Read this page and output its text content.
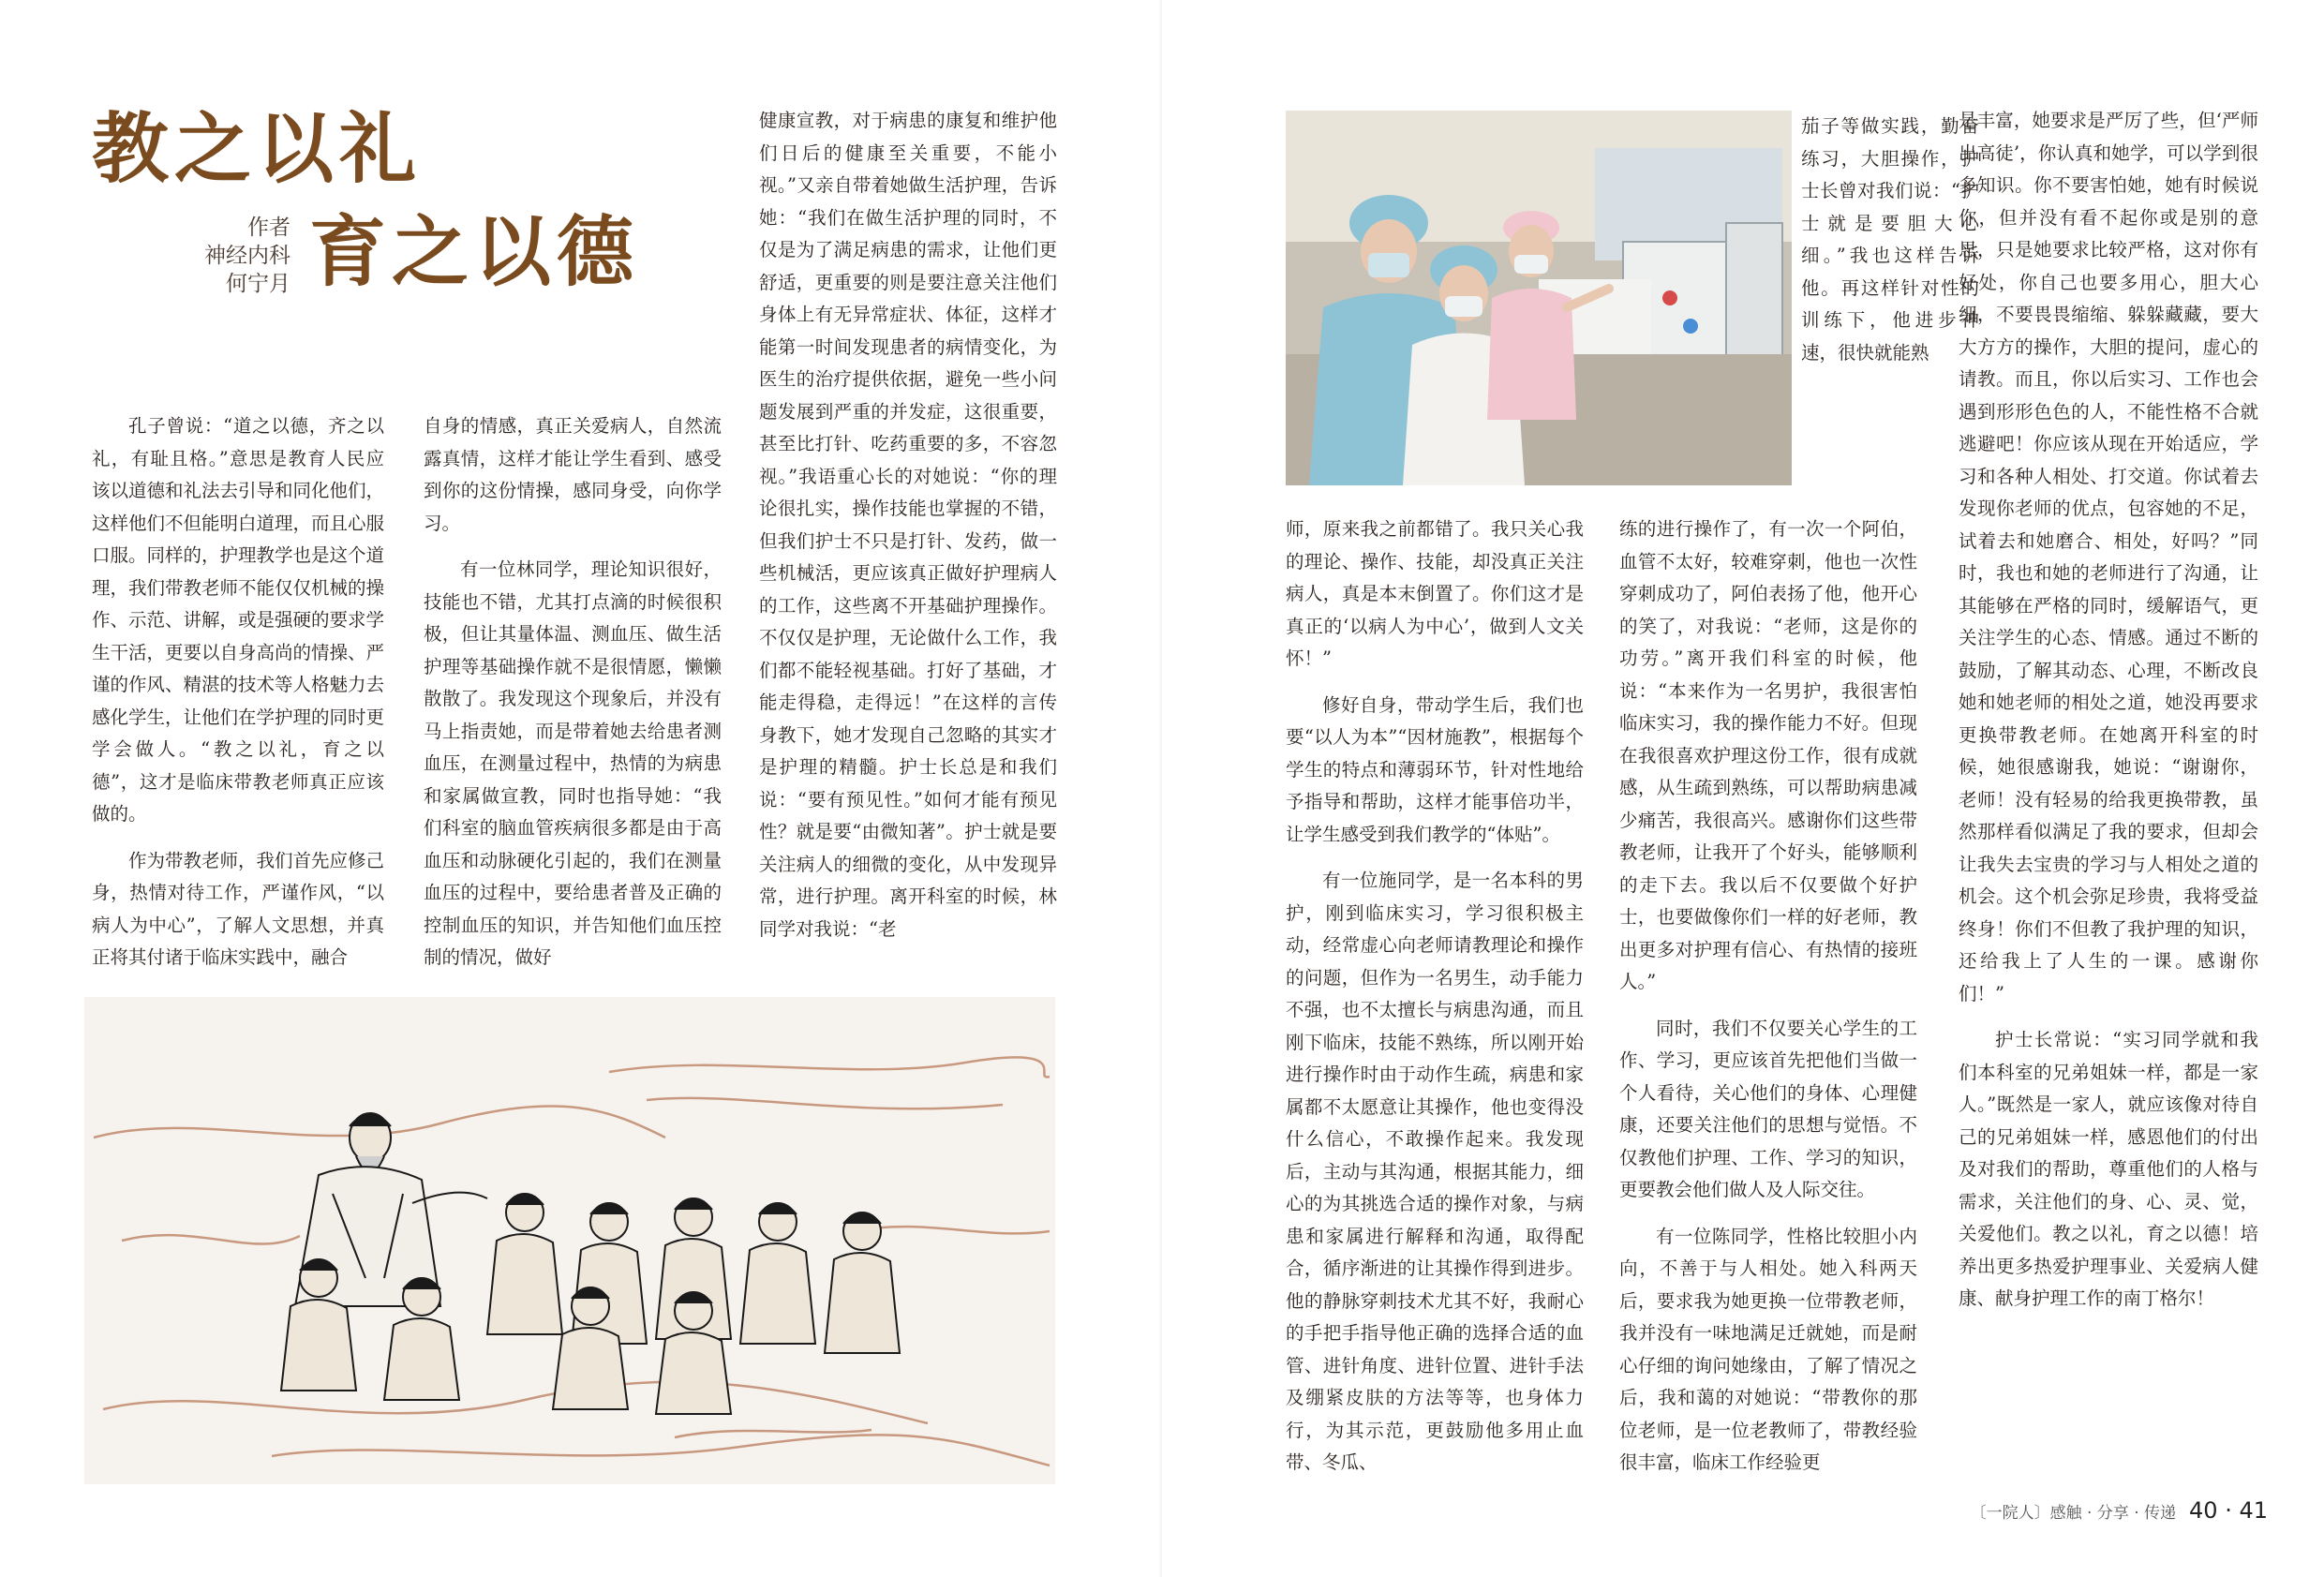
教之以礼
作者
神经内科
何宁月 育之以德

孔子曾说：“道之以德，齐之以礼，有耻且格。”意思是教育人民应该以道德和礼法去引导和同化他们，这样他们不但能明白道理，而且心服口服。同样的，护理教学也是这个道理，我们带教老师不能仅仅机械的操作、示范、讲解，或是强硬的要求学生干活，更要以自身高尚的情操、严谨的作风、精湛的技术等人格魅力去感化学生，让他们在学护理的同时更学会做人。“教之以礼，育之以德”，这才是临床带教老师真正应该做的。

作为带教老师，我们首先应修己身，热情对待工作，严谨作风，“以病人为中心”，了解人文思想，并真正将其付诸于临床实践中，融合

自身的情感，真正关爱病人，自然流露真情，这样才能让学生看到、感受到你的这份情操，感同身受，向你学习。

有一位林同学，理论知识很好，技能也不错，尤其打点滴的时候很积极，但让其量体温、测血压、做生活护理等基础操作就不是很情愿，懒懒散散了。我发现这个现象后，并没有马上指责她，而是带着她去给患者测血压，在测量过程中，热情的为病患和家属做宣教，同时也指导她：“我们科室的脑血管疾病很多都是由于高血压和动脉硬化引起的，我们在测量血压的过程中，要给患者普及正确的控制血压的知识，并告知他们血压控制的情况，做好

健康宣教，对于病患的康复和维护他们日后的健康至关重要，不能小视。”又亲自带着她做生活护理，告诉她：“我们在做生活护理的同时，不仅是为了满足病患的需求，让他们更舒适，更重要的则是要注意关注他们身体上有无异常症状、体征，这样才能第一时间发现患者的病情变化，为医生的治疗提供依据，避免一些小问题发展到严重的并发症，这很重要，甚至比打针、吃药重要的多，不容忽视。”我语重心长的对她说：“你的理论很扎实，操作技能也掌握的不错，但我们护士不只是打针、发药，做一些机械活，更应该真正做好护理病人的工作，这些离不开基础护理操作。不仅仅是护理，无论做什么工作，我们都不能轻视基础。打好了基础，才能走得稳，走得远！”在这样的言传身教下，她才发现自己忽略的其实才是护理的精髓。护士长总是和我们说：“要有预见性。”如何才能有预见性？就是要“由微知著”。护士就是要关注病人的细微的变化，从中发现异常，进行护理。离开科室的时候，林同学对我说：“老

茄子等做实践，勤奋练习，大胆操作，护士长曾对我们说：“护士就是要胆大心细。”我也这样告诉他。再这样针对性的训练下，他进步神速，很快就能熟

师，原来我之前都错了。我只关心我的理论、操作、技能，却没真正关注病人，真是本末倒置了。你们这才是真正的‘以病人为中心’，做到人文关怀！”

修好自身，带动学生后，我们也要“以人为本”“因材施教”，根据每个学生的特点和薄弱环节，针对性地给予指导和帮助，这样才能事倍功半，让学生感受到我们教学的“体贴”。

有一位施同学，是一名本科的男护，刚到临床实习，学习很积极主动，经常虚心向老师请教理论和操作的问题，但作为一名男生，动手能力不强，也不太擅长与病患沟通，而且刚下临床，技能不熟练，所以刚开始进行操作时由于动作生疏，病患和家属都不太愿意让其操作，他也变得没什么信心，不敢操作起来。我发现后，主动与其沟通，根据其能力，细心的为其挑选合适的操作对象，与病患和家属进行解释和沟通，取得配合，循序渐进的让其操作得到进步。他的静脉穿刺技术尤其不好，我耐心的手把手指导他正确的选择合适的血管、进针角度、进针位置、进针手法及绷紧皮肤的方法等等，也身体力行，为其示范，更鼓励他多用止血带、冬瓜、

练的进行操作了，有一次一个阿伯，血管不太好，较难穿刺，他也一次性穿刺成功了，阿伯表扬了他，他开心的笑了，对我说：“老师，这是你的功劳。”离开我们科室的时候，他说：“本来作为一名男护，我很害怕临床实习，我的操作能力不好。但现在我很喜欢护理这份工作，很有成就感，从生疏到熟练，可以帮助病患减少痛苦，我很高兴。感谢你们这些带教老师，让我开了个好头，能够顺利的走下去。我以后不仅要做个好护士，也要做像你们一样的好老师，教出更多对护理有信心、有热情的接班人。”

同时，我们不仅要关心学生的工作、学习，更应该首先把他们当做一个人看待，关心他们的身体、心理健康，还要关注他们的思想与觉悟。不仅教他们护理、工作、学习的知识，更要教会他们做人及人际交往。

有一位陈同学，性格比较胆小内向，不善于与人相处。她入科两天后，要求我为她更换一位带教老师，我并没有一味地满足迁就她，而是耐心仔细的询问她缘由，了解了情况之后，我和蔼的对她说：“带教你的那位老师，是一位老教师了，带教经验很丰富，临床工作经验更

是丰富，她要求是严厉了些，但‘严师出高徒’，你认真和她学，可以学到很多知识。你不要害怕她，她有时候说你，但并没有看不起你或是别的意思，只是她要求比较严格，这对你有好处，你自己也要多用心，胆大心细，不要畏畏缩缩、躲躲藏藏，要大大方方的操作，大胆的提问，虚心的请教。而且，你以后实习、工作也会遇到形形色色的人，不能性格不合就逃避吧！你应该从现在开始适应，学习和各种人相处、打交道。你试着去发现你老师的优点，包容她的不足，试着去和她磨合、相处，好吗？”同时，我也和她的老师进行了沟通，让其能够在严格的同时，缓解语气，更关注学生的心态、情感。通过不断的鼓励，了解其动态、心理，不断改良她和她老师的相处之道，她没再要求更换带教老师。在她离开科室的时候，她很感谢我，她说：“谢谢你，老师！没有轻易的给我更换带教，虽然那样看似满足了我的要求，但却会让我失去宝贵的学习与人相处之道的机会。这个机会弥足珍贵，我将受益终身！你们不但教了我护理的知识，还给我上了人生的一课。感谢你们！”

护士长常说：“实习同学就和我们本科室的兄弟姐妹一样，都是一家人。”既然是一家人，就应该像对待自己的兄弟姐妹一样，感恩他们的付出及对我们的帮助，尊重他们的人格与需求，关注他们的身、心、灵、觉，关爱他们。教之以礼，育之以德！培养出更多热爱护理事业、关爱病人健康、献身护理工作的南丁格尔！

〔一院人〕感触 · 分享 · 传递 40 · 41
